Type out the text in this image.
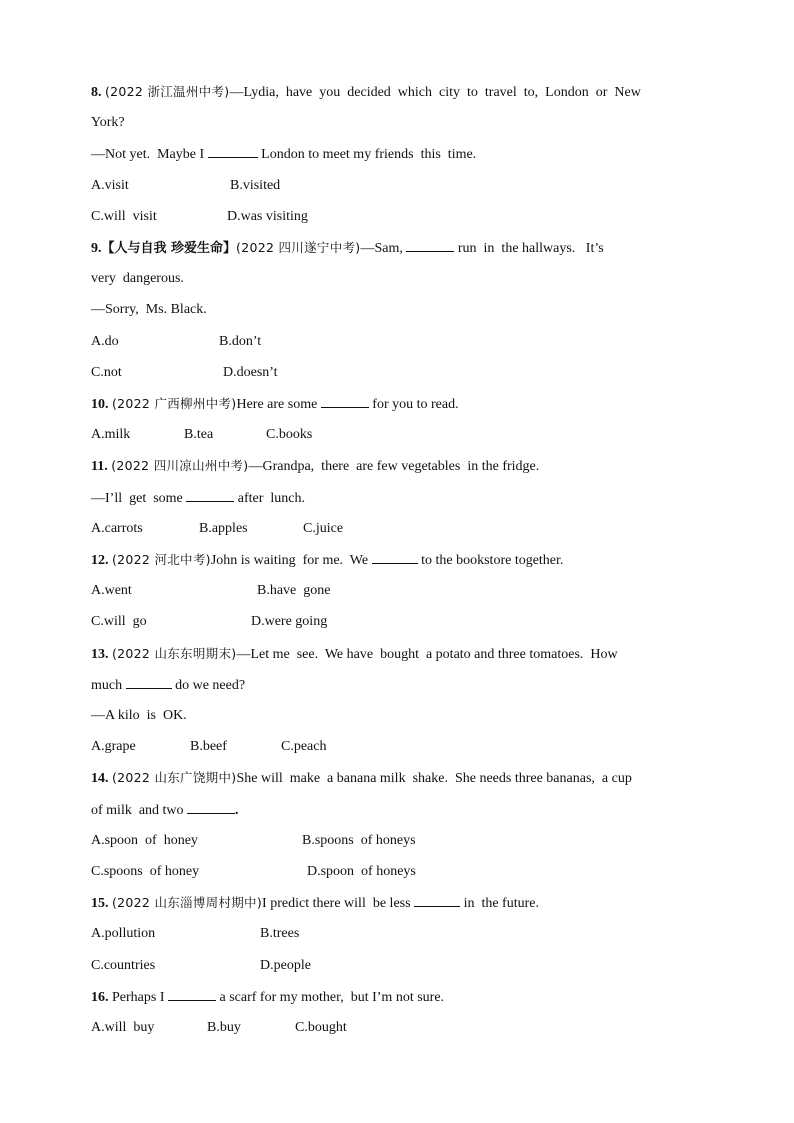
8. (2022 浙江温州中考)—Lydia,  have  you  decided  which  city  to  travel  to,  London  or  New
York?
—Not yet.  Maybe I	London to meet my friends  this  time.
A.visit	B.visited
C.will  visit	D.was visiting
9.【人与自我 珍爱生命】(2022 四川遂宁中考)—Sam,	run  in  the hallways.   It’s
very  dangerous.
—Sorry,  Ms. Black.
A.do	B.don’t
C.not	D.doesn’t
10. (2022 广西柳州中考)Here are some	for you to read.
A.milk	B.tea	C.books
11. (2022 四川凉山州中考)—Grandpa,  there  are few vegetables  in the fridge.
—I’ll  get  some	after  lunch.
A.carrots	B.apples	C.juice
12. (2022 河北中考)John is waiting  for me.  We	to the bookstore together.
A.went	B.have  gone
C.will  go	D.were going
13. (2022 山东东明期末)—Let me  see.  We have  bought  a potato and three tomatoes.  How
much	do we need?
—A kilo  is  OK.
A.grape	B.beef	C.peach
14. (2022 山东广饶期中)She will  make  a banana milk  shake.  She needs three bananas,  a cup
of milk  and two	.
A.spoon  of  honey	B.spoons  of honeys
C.spoons  of honey	D.spoon  of honeys
15. (2022 山东淄博周村期中)I predict there will  be less	in  the future.
A.pollution	B.trees
C.countries	D.people
16. Perhaps I	a scarf for my mother,  but I’m not sure.
A.will  buy	B.buy	C.bought
